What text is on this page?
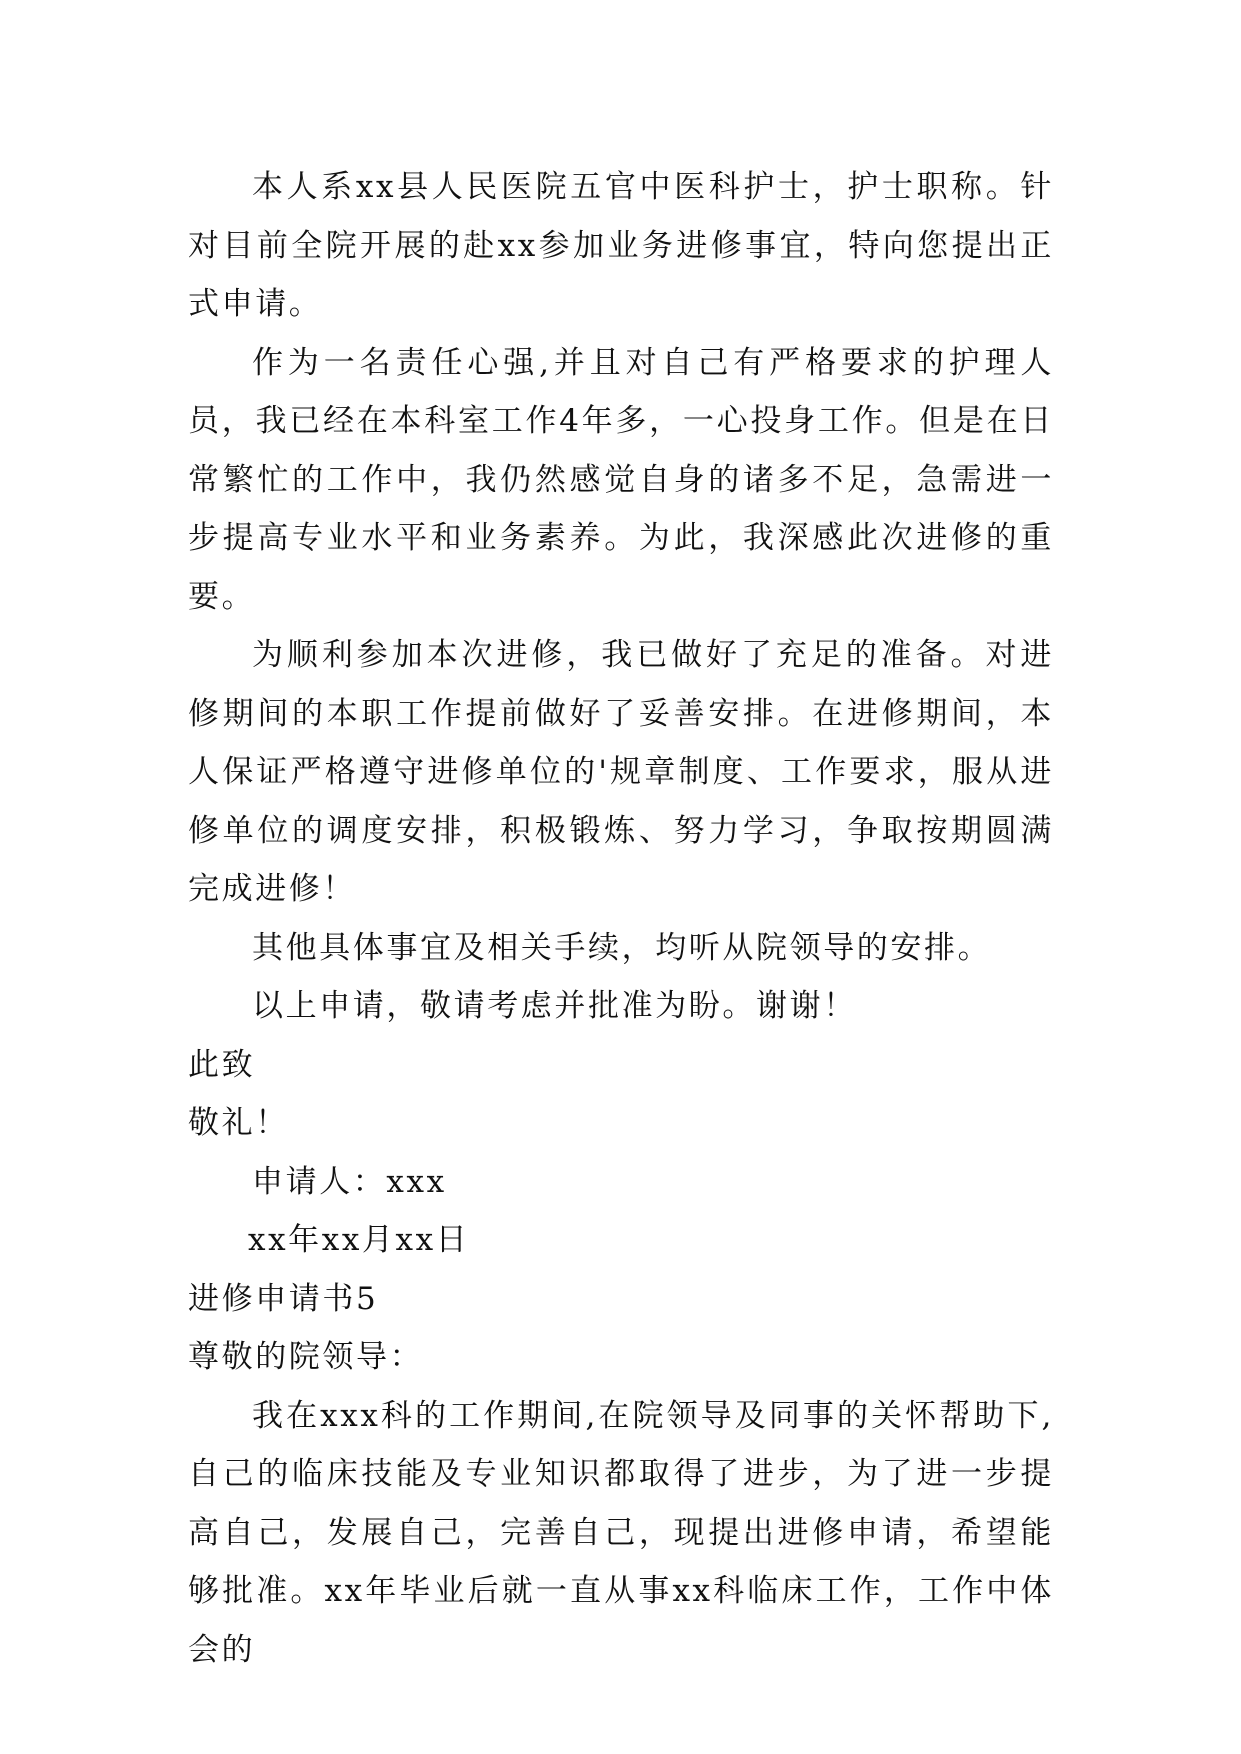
本人系xx县人民医院五官中医科护士，护士职称。针对目前全院开展的赴xx参加业务进修事宜，特向您提出正式申请。

作为一名责任心强,并且对自己有严格要求的护理人员，我已经在本科室工作4年多，一心投身工作。但是在日常繁忙的工作中，我仍然感觉自身的诸多不足，急需进一步提高专业水平和业务素养。为此，我深感此次进修的重要。

为顺利参加本次进修，我已做好了充足的准备。对进修期间的本职工作提前做好了妥善安排。在进修期间，本人保证严格遵守进修单位的'规章制度、工作要求，服从进修单位的调度安排，积极锻炼、努力学习，争取按期圆满完成进修！

其他具体事宜及相关手续，均听从院领导的安排。

以上申请，敬请考虑并批准为盼。谢谢！

此致

敬礼！

申请人：xxx

xx年xx月xx日

进修申请书5

尊敬的院领导：

我在xxx科的工作期间,在院领导及同事的关怀帮助下,自己的临床技能及专业知识都取得了进步，为了进一步提高自己，发展自己，完善自己，现提出进修申请，希望能够批准。xx年毕业后就一直从事xx科临床工作，工作中体会的
